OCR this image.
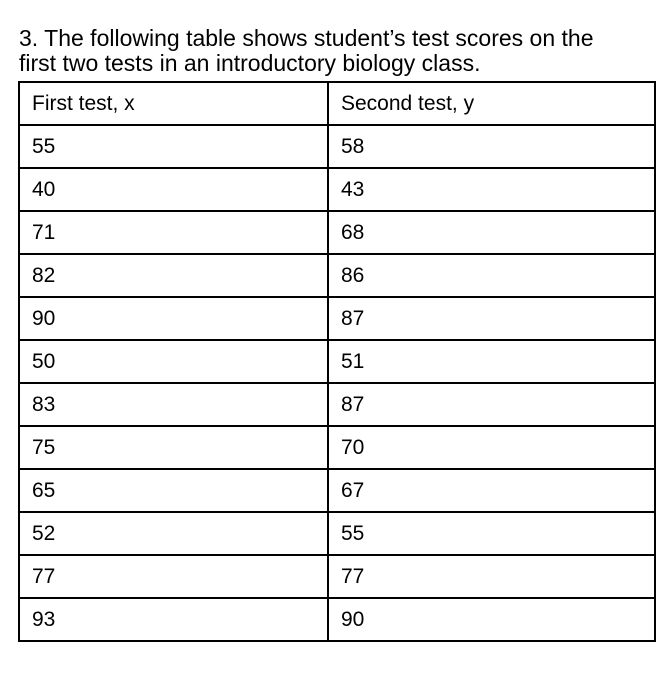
3. The following table shows student’s test scores on the
first two tests in an introductory biology class.

First test, x	Second test, y
55	58
40	43
71	68
82	86
90	87
50	51
83	87
75	70
65	67
52	55
77	77
93	90
